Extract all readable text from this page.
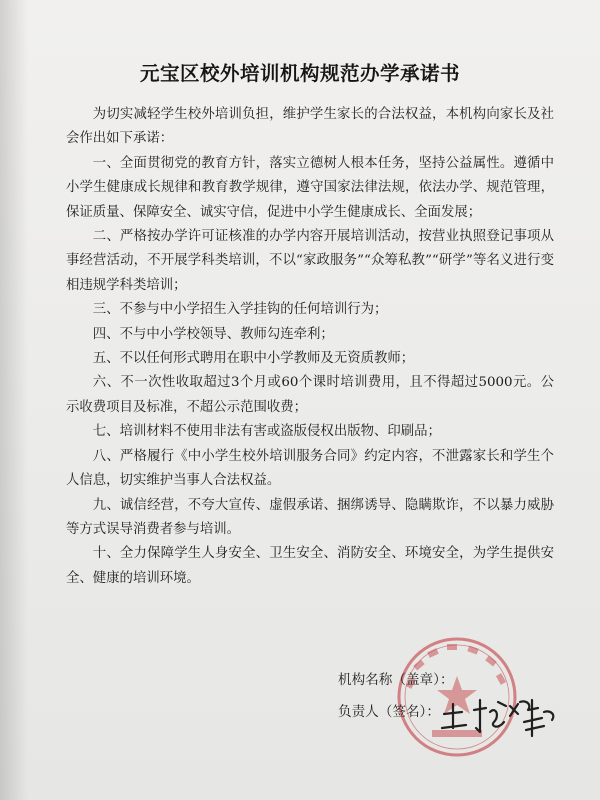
元宝区校外培训机构规范办学承诺书

为切实减轻学生校外培训负担，维护学生家长的合法权益，本机构向家长及社会作出如下承诺：

一、全面贯彻党的教育方针，落实立德树人根本任务，坚持公益属性。遵循中小学生健康成长规律和教育教学规律，遵守国家法律法规，依法办学、规范管理，保证质量、保障安全、诚实守信，促进中小学生健康成长、全面发展；

二、严格按办学许可证核准的办学内容开展培训活动，按营业执照登记事项从事经营活动，不开展学科类培训，不以“家政服务”“众筹私教”“研学”等名义进行变相违规学科类培训；

三、不参与中小学招生入学挂钩的任何培训行为；

四、不与中小学校领导、教师勾连牵利；

五、不以任何形式聘用在职中小学教师及无资质教师；

六、不一次性收取超过3个月或60个课时培训费用，且不得超过5000元。公示收费项目及标准，不超公示范围收费；

七、培训材料不使用非法有害或盗版侵权出版物、印刷品；

八、严格履行《中小学生校外培训服务合同》约定内容，不泄露家长和学生个人信息，切实维护当事人合法权益。

九、诚信经营，不夸大宣传、虚假承诺、捆绑诱导、隐瞒欺诈，不以暴力威胁等方式误导消费者参与培训。

十、全力保障学生人身安全、卫生安全、消防安全、环境安全，为学生提供安全、健康的培训环境。

机构名称（盖章）：
负责人（签名）：
